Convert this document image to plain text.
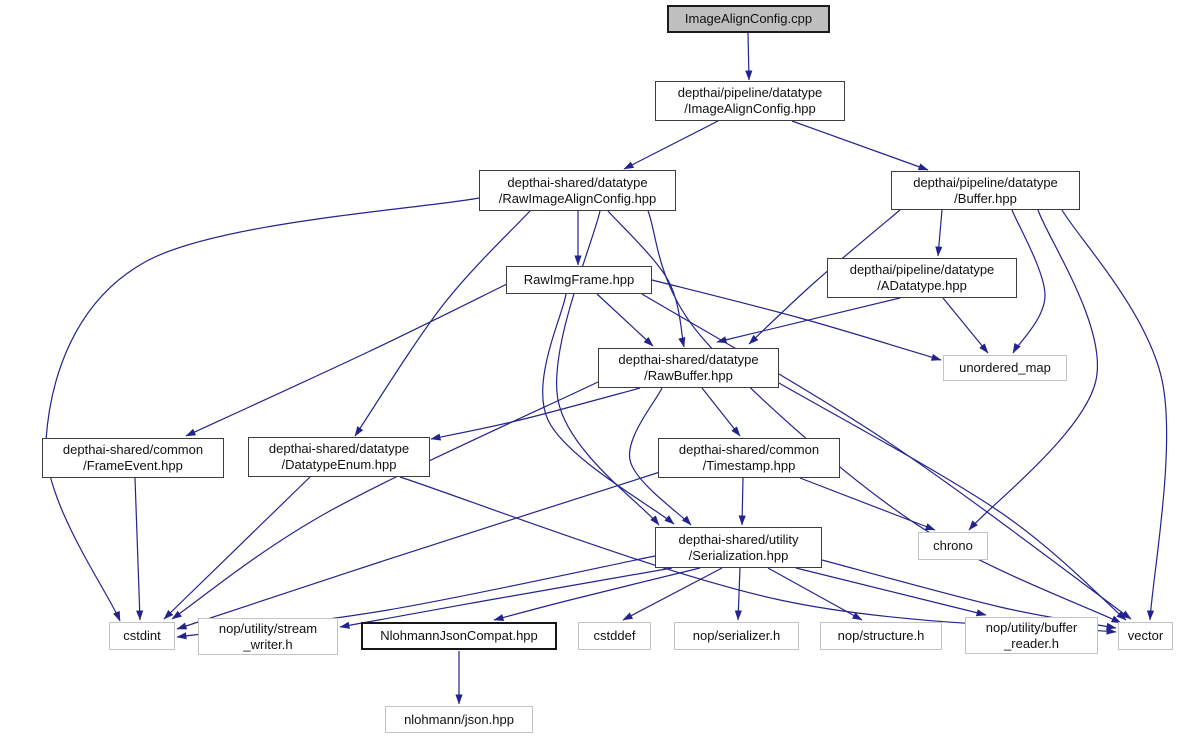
ImageAlignConfig.cpp
depthai/pipeline/datatype
/ImageAlignConfig.hpp
depthai-shared/datatype
/RawImageAlignConfig.hpp
depthai/pipeline/datatype
/Buffer.hpp
RawImgFrame.hpp
depthai/pipeline/datatype
/ADatatype.hpp
depthai-shared/datatype
/RawBuffer.hpp
unordered_map
depthai-shared/common
/FrameEvent.hpp
depthai-shared/datatype
/DatatypeEnum.hpp
depthai-shared/common
/Timestamp.hpp
depthai-shared/utility
/Serialization.hpp
chrono
cstdint	nop/utility/stream
_writer.h
NlohmannJsonCompat.hpp	cstddef	nop/serializer.h	nop/structure.h
nop/utility/buffer
_reader.h	vector
nlohmann/json.hpp
